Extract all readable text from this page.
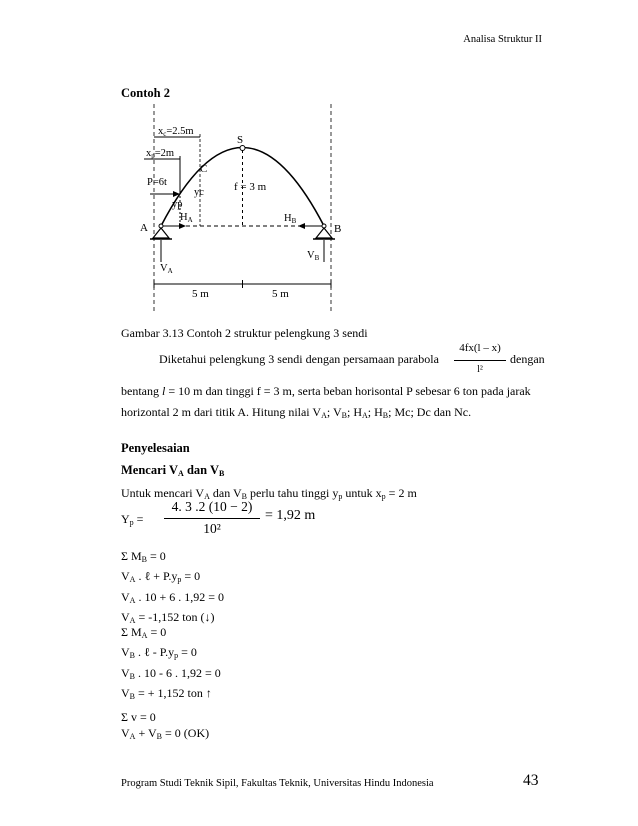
Analisa Struktur II
Contoh 2
xc=2.5m
xp=2m
S
C
P=6t
yc
yp
f = 3 m
HA	HB
A	B
VA
VB
5 m	5 m
Gambar 3.13 Contoh 2 struktur pelengkung 3 sendi
Diketahui pelengkung 3 sendi dengan persamaan parabola
4fx(l – x)
l²
dengan
bentang l = 10 m dan tinggi f = 3 m, serta beban horisontal P sebesar 6 ton pada jarak
horizontal 2 m dari titik A. Hitung nilai $V_A$; $V_B$; $H_A$; $H_B$; Mc; Dc dan Nc.
Penyelesaian
Mencari $V_A$ dan $V_B$
Untuk mencari $V_A$ dan $V_B$ perlu tahu tinggi $y_p$ untuk $x_p = 2$ m
$Y_p$ =
4. 3 .2 (10 − 2)
10²
= 1,92 m
Σ $M_B = 0$
$V_A$ . ℓ + $P.y_p = 0$
$V_A$ . 10 + 6 . 1,92 = 0
$V_A = -1,152$ ton (↓)
Σ $M_A = 0$
$V_B$ . ℓ - $P.y_p = 0$
$V_B$ . 10 - 6 . 1,92 = 0
$V_B$ = + 1,152 ton ↑
Σ v = 0
$V_A + V_B = 0$ (OK)
Program Studi Teknik Sipil, Fakultas Teknik, Universitas Hindu Indonesia	43
